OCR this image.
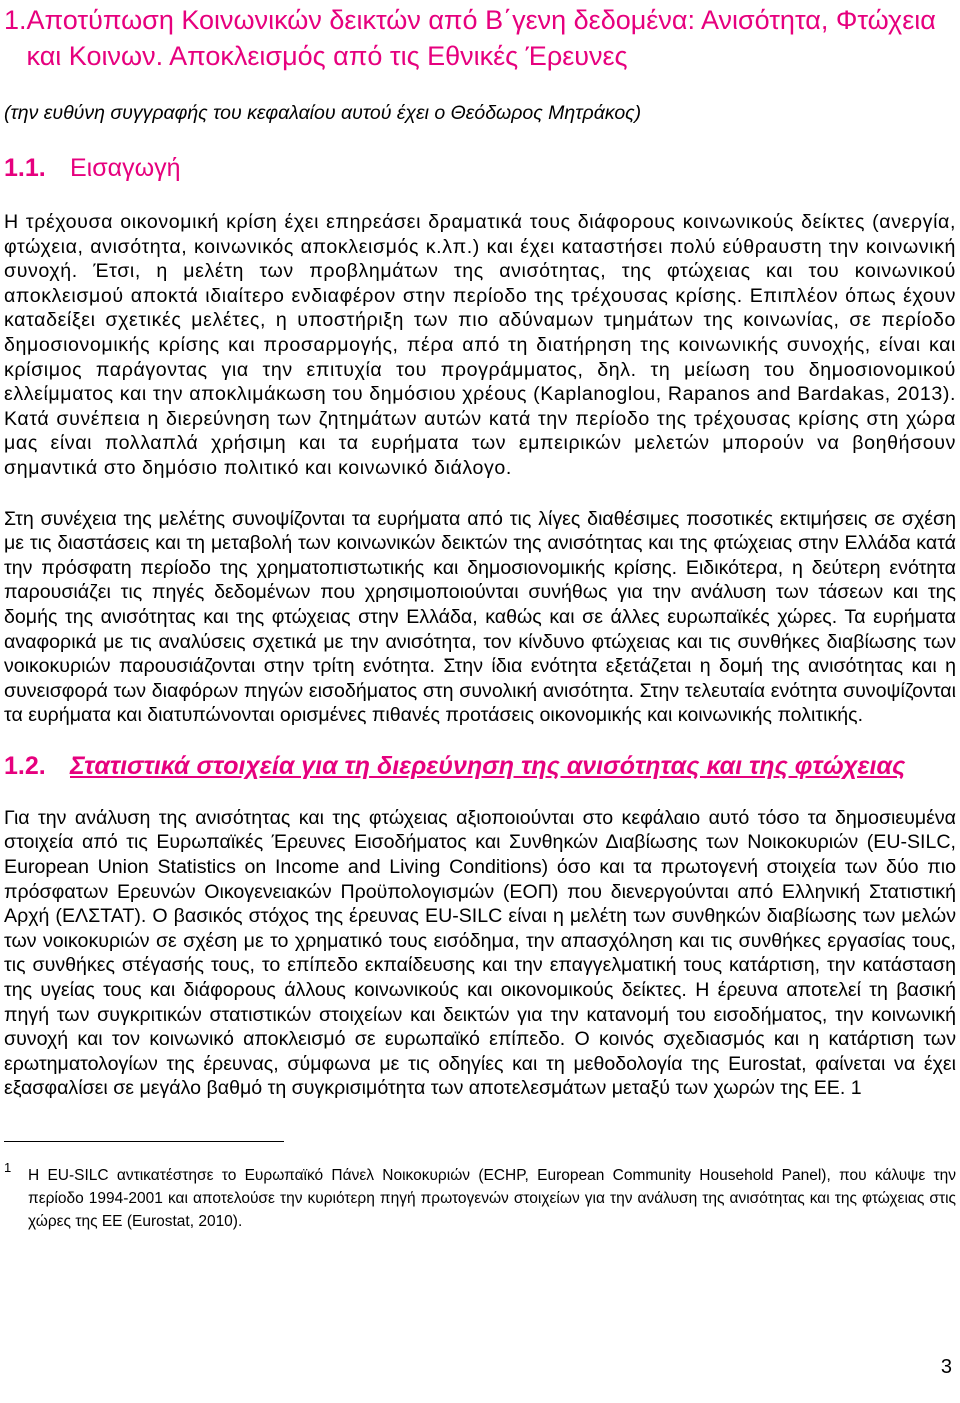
1. Αποτύπωση Κοινωνικών δεικτών από Β΄γενη δεδομένα: Ανισότητα, Φτώχεια και Κοινων. Αποκλεισμός από τις Εθνικές Έρευνες

(την ευθύνη συγγραφής του κεφαλαίου αυτού έχει ο Θεόδωρος Μητράκος)

1.1. Εισαγωγή

Η τρέχουσα οικονομική κρίση έχει επηρεάσει δραματικά τους διάφορους κοινωνικούς δείκτες (ανεργία, φτώχεια, ανισότητα, κοινωνικός αποκλεισμός κ.λπ.) και έχει καταστήσει πολύ εύθραυστη την κοινωνική συνοχή. Έτσι, η μελέτη των προβλημάτων της ανισότητας, της φτώχειας και του κοινωνικού αποκλεισμού αποκτά ιδιαίτερο ενδιαφέρον στην περίοδο της τρέχουσας κρίσης. Επιπλέον όπως έχουν καταδείξει σχετικές μελέτες, η υποστήριξη των πιο αδύναμων τμημάτων της κοινωνίας, σε περίοδο δημοσιονομικής κρίσης και προσαρμογής, πέρα από τη διατήρηση της κοινωνικής συνοχής, είναι και κρίσιμος παράγοντας για την επιτυχία του προγράμματος, δηλ. τη μείωση του δημοσιονομικού ελλείμματος και την αποκλιμάκωση του δημόσιου χρέους (Kaplanoglou, Rapanos and Bardakas, 2013). Κατά συνέπεια η διερεύνηση των ζητημάτων αυτών κατά την περίοδο της τρέχουσας κρίσης στη χώρα μας είναι πολλαπλά χρήσιμη και τα ευρήματα των εμπειρικών μελετών μπορούν να βοηθήσουν σημαντικά στο δημόσιο πολιτικό και κοινωνικό διάλογο.

Στη συνέχεια της μελέτης συνοψίζονται τα ευρήματα από τις λίγες διαθέσιμες ποσοτικές εκτιμήσεις σε σχέση με τις διαστάσεις και τη μεταβολή των κοινωνικών δεικτών της ανισότητας και της φτώχειας στην Ελλάδα κατά την πρόσφατη περίοδο της χρηματοπιστωτικής και δημοσιονομικής κρίσης. Ειδικότερα, η δεύτερη ενότητα παρουσιάζει τις πηγές δεδομένων που χρησιμοποιούνται συνήθως για την ανάλυση των τάσεων και της δομής της ανισότητας και της φτώχειας στην Ελλάδα, καθώς και σε άλλες ευρωπαϊκές χώρες. Τα ευρήματα αναφορικά με τις αναλύσεις σχετικά με την ανισότητα, τον κίνδυνο φτώχειας και τις συνθήκες διαβίωσης των νοικοκυριών παρουσιάζονται στην τρίτη ενότητα. Στην ίδια ενότητα εξετάζεται η δομή της ανισότητας και η συνεισφορά των διαφόρων πηγών εισοδήματος στη συνολική ανισότητα. Στην τελευταία ενότητα συνοψίζονται τα ευρήματα και διατυπώνονται ορισμένες πιθανές προτάσεις οικονομικής και κοινωνικής πολιτικής.

1.2. Στατιστικά στοιχεία για τη διερεύνηση της ανισότητας και της φτώχειας

Για την ανάλυση της ανισότητας και της φτώχειας αξιοποιούνται στο κεφάλαιο αυτό τόσο τα δημοσιευμένα στοιχεία από τις Ευρωπαϊκές Έρευνες Εισοδήματος και Συνθηκών Διαβίωσης των Νοικοκυριών (EU-SILC, European Union Statistics on Income and Living Conditions) όσο και τα πρωτογενή στοιχεία των δύο πιο πρόσφατων Ερευνών Οικογενειακών Προϋπολογισμών (ΕΟΠ) που διενεργούνται από Ελληνική Στατιστική Αρχή (ΕΛΣΤΑΤ). Ο βασικός στόχος της έρευνας EU-SILC είναι η μελέτη των συνθηκών διαβίωσης των μελών των νοικοκυριών σε σχέση με το χρηματικό τους εισόδημα, την απασχόληση και τις συνθήκες εργασίας τους, τις συνθήκες στέγασής τους, το επίπεδο εκπαίδευσης και την επαγγελματική τους κατάρτιση, την κατάσταση της υγείας τους και διάφορους άλλους κοινωνικούς και οικονομικούς δείκτες. Η έρευνα αποτελεί τη βασική πηγή των συγκριτικών στατιστικών στοιχείων και δεικτών για την κατανομή του εισοδήματος, την κοινωνική συνοχή και τον κοινωνικό αποκλεισμό σε ευρωπαϊκό επίπεδο. Ο κοινός σχεδιασμός και η κατάρτιση των ερωτηματολογίων της έρευνας, σύμφωνα με τις οδηγίες και τη μεθοδολογία της Eurostat, φαίνεται να έχει εξασφαλίσει σε μεγάλο βαθμό τη συγκρισιμότητα των αποτελεσμάτων μεταξύ των χωρών της ΕΕ. 1

1	Η EU-SILC αντικατέστησε το Ευρωπαϊκό Πάνελ Νοικοκυριών (ECHP, European Community Household Panel), που κάλυψε την περίοδο 1994-2001 και αποτελούσε την κυριότερη πηγή πρωτογενών στοιχείων για την ανάλυση της ανισότητας και της φτώχειας στις χώρες της ΕΕ (Eurostat, 2010).
3
